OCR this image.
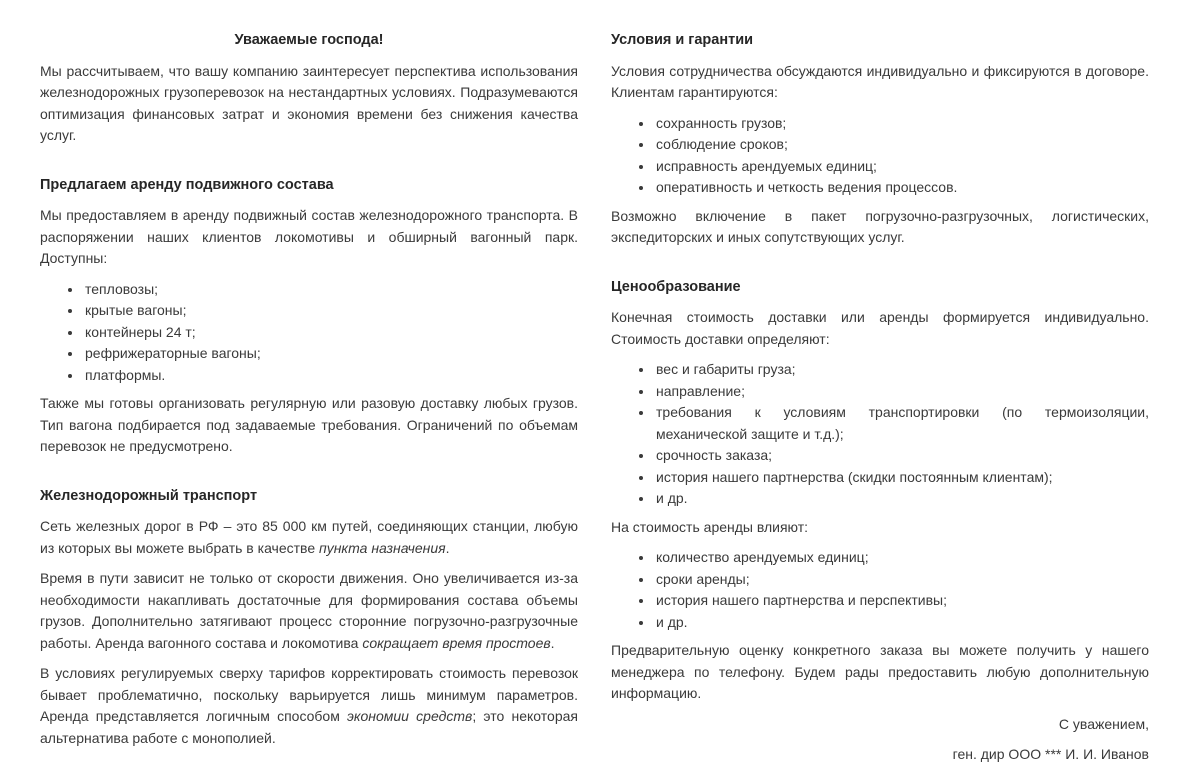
Уважаемые господа!

Мы рассчитываем, что вашу компанию заинтересует перспектива использования железнодорожных грузоперевозок на нестандартных условиях. Подразумеваются оптимизация финансовых затрат и экономия времени без снижения качества услуг.

Предлагаем аренду подвижного состава

Мы предоставляем в аренду подвижный состав железнодорожного транспорта. В распоряжении наших клиентов локомотивы и обширный вагонный парк. Доступны:

• тепловозы;
• крытые вагоны;
• контейнеры 24 т;
• рефрижераторные вагоны;
• платформы.

Также мы готовы организовать регулярную или разовую доставку любых грузов. Тип вагона подбирается под задаваемые требования. Ограничений по объемам перевозок не предусмотрено.

Железнодорожный транспорт

Сеть железных дорог в РФ – это 85 000 км путей, соединяющих станции, любую из которых вы можете выбрать в качестве пункта назначения.

Время в пути зависит не только от скорости движения. Оно увеличивается из-за необходимости накапливать достаточные для формирования состава объемы грузов. Дополнительно затягивают процесс сторонние погрузочно-разгрузочные работы. Аренда вагонного состава и локомотива сокращает время простоев.

В условиях регулируемых сверху тарифов корректировать стоимость перевозок бывает проблематично, поскольку варьируется лишь минимум параметров. Аренда представляется логичным способом экономии средств; это некоторая альтернатива работе с монополией.

Условия и гарантии

Условия сотрудничества обсуждаются индивидуально и фиксируются в договоре. Клиентам гарантируются:

• сохранность грузов;
• соблюдение сроков;
• исправность арендуемых единиц;
• оперативность и четкость ведения процессов.

Возможно включение в пакет погрузочно-разгрузочных, логистических, экспедиторских и иных сопутствующих услуг.

Ценообразование

Конечная стоимость доставки или аренды формируется индивидуально. Стоимость доставки определяют:

• вес и габариты груза;
• направление;
• требования к условиям транспортировки (по термоизоляции, механической защите и т.д.);
• срочность заказа;
• история нашего партнерства (скидки постоянным клиентам);
• и др.

На стоимость аренды влияют:

• количество арендуемых единиц;
• сроки аренды;
• история нашего партнерства и перспективы;
• и др.

Предварительную оценку конкретного заказа вы можете получить у нашего менеджера по телефону. Будем рады предоставить любую дополнительную информацию.

С уважением,

ген. дир ООО *** И. И. Иванов
